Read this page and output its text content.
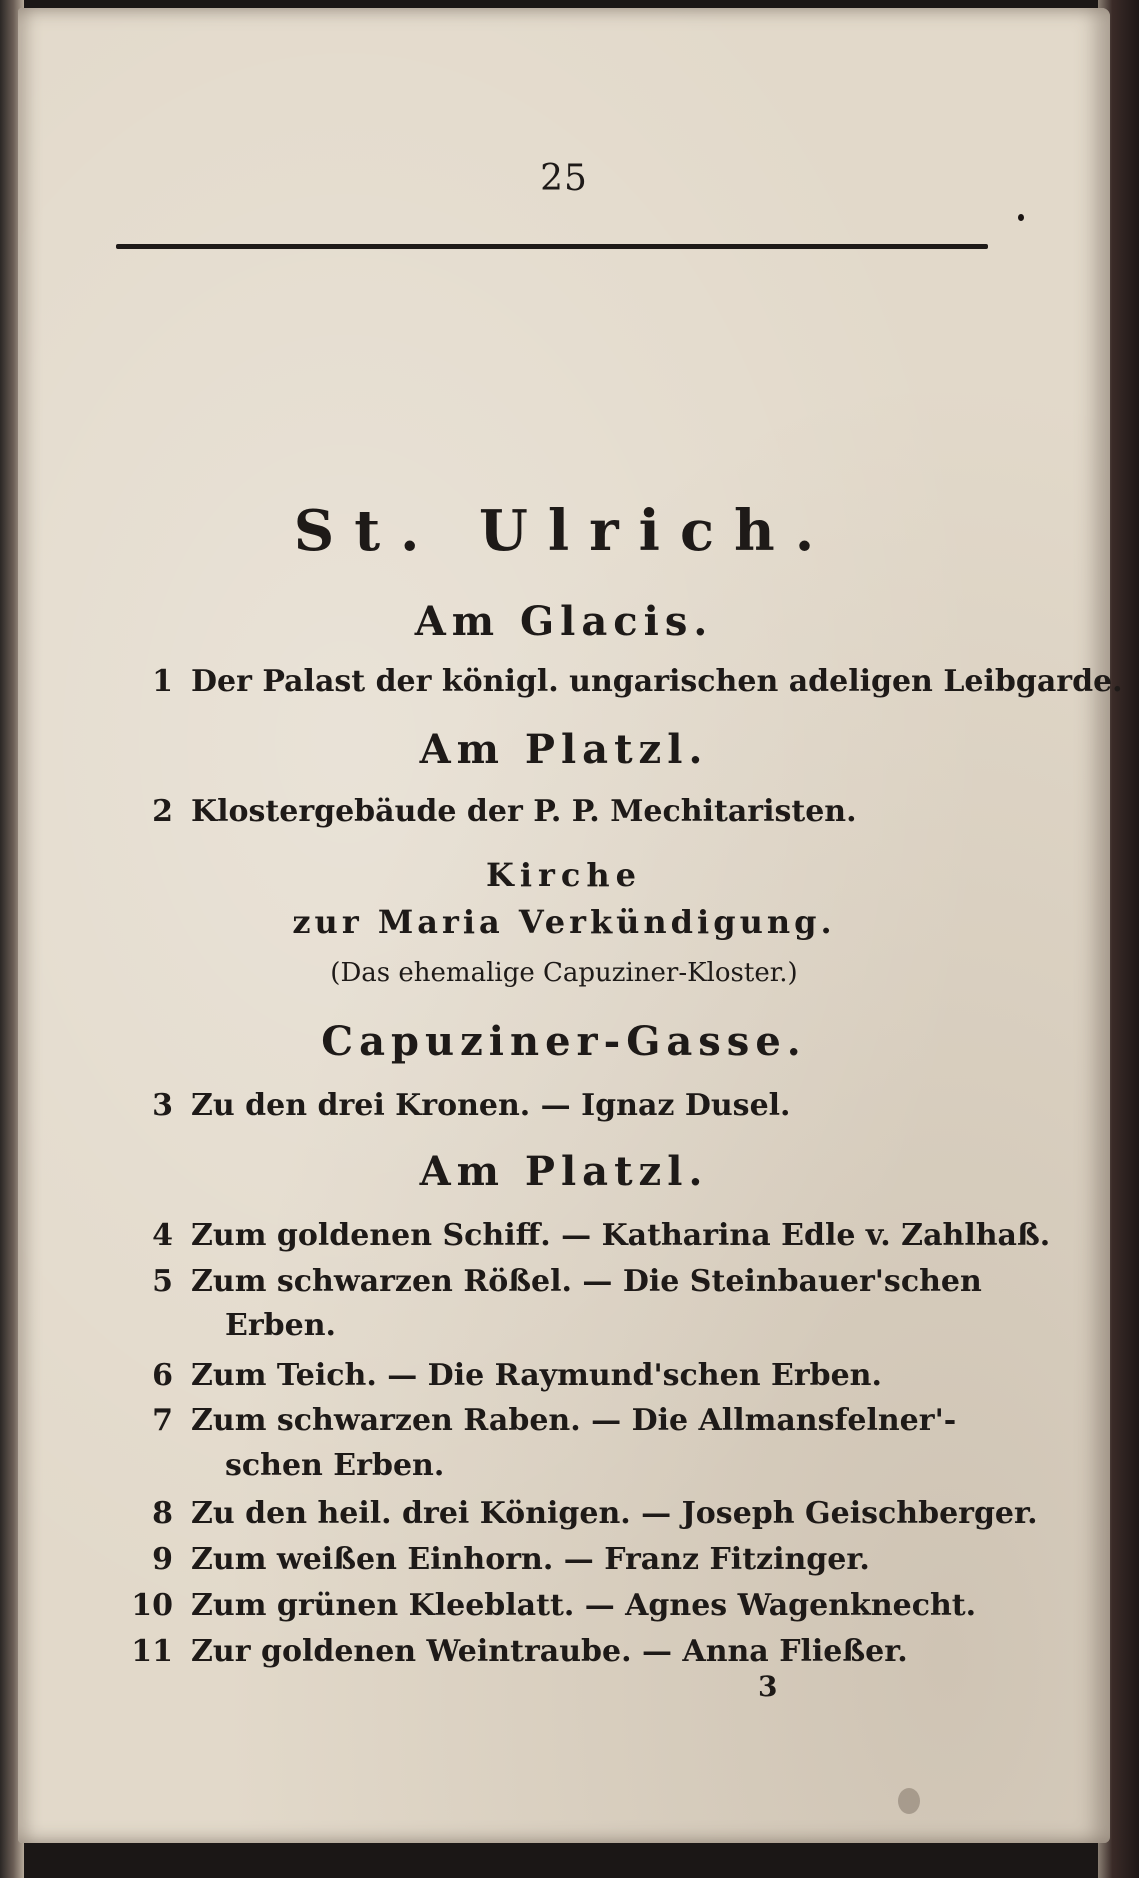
25
St. Ulrich.
Am Glacis.
1 Der Palast der königl. ungarischen adeligen Leibgarde.
Am Platzl.
2 Klostergebäude der P. P. Mechitaristen.
Kirche
zur Maria Verkündigung.
(Das ehemalige Capuziner-Kloster.)
Capuziner-Gasse.
3 Zu den drei Kronen. — Ignaz Dusel.
Am Platzl.
4 Zum goldenen Schiff. — Katharina Edle v. Zahlhaß.
5 Zum schwarzen Rößel. — Die Steinbauer'schen
Erben.
6 Zum Teich. — Die Raymund'schen Erben.
7 Zum schwarzen Raben. — Die Allmansfelner'-
schen Erben.
8 Zu den heil. drei Königen. — Joseph Geischberger.
9 Zum weißen Einhorn. — Franz Fitzinger.
10 Zum grünen Kleeblatt. — Agnes Wagenknecht.
11 Zur goldenen Weintraube. — Anna Fließer.
3
